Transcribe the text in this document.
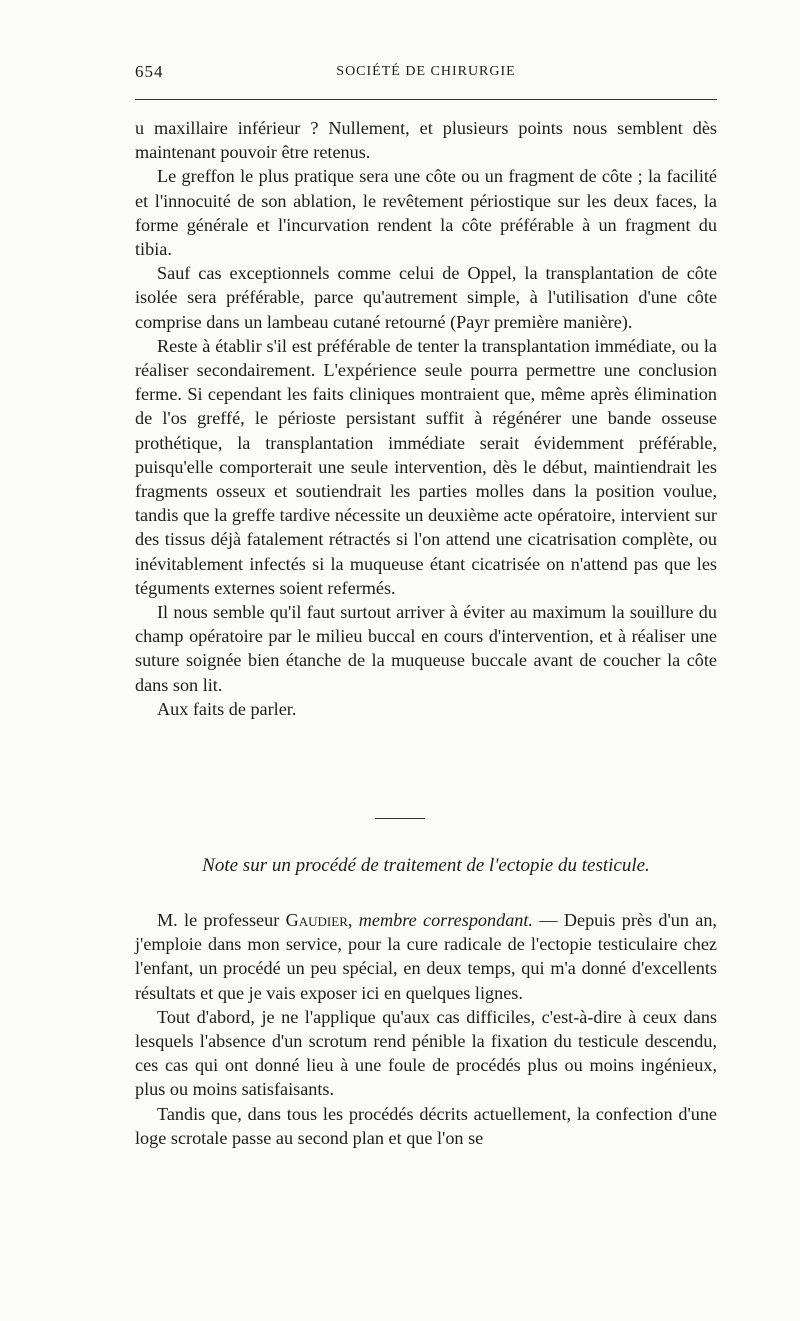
654	SOCIÉTÉ DE CHIRURGIE

u maxillaire inférieur ? Nullement, et plusieurs points nous semblent dès maintenant pouvoir être retenus.

Le greffon le plus pratique sera une côte ou un fragment de côte ; la facilité et l'innocuité de son ablation, le revêtement périostique sur les deux faces, la forme générale et l'incurvation rendent la côte préférable à un fragment du tibia.

Sauf cas exceptionnels comme celui de Oppel, la transplantation de côte isolée sera préférable, parce qu'autrement simple, à l'utilisation d'une côte comprise dans un lambeau cutané retourné (Payr première manière).

Reste à établir s'il est préférable de tenter la transplantation immédiate, ou la réaliser secondairement. L'expérience seule pourra permettre une conclusion ferme. Si cependant les faits cliniques montraient que, même après élimination de l'os greffé, le périoste persistant suffit à régénérer une bande osseuse prothétique, la transplantation immédiate serait évidemment préférable, puisqu'elle comporterait une seule intervention, dès le début, maintiendrait les fragments osseux et soutiendrait les parties molles dans la position voulue, tandis que la greffe tardive nécessite un deuxième acte opératoire, intervient sur des tissus déjà fatalement rétractés si l'on attend une cicatrisation complète, ou inévitablement infectés si la muqueuse étant cicatrisée on n'attend pas que les téguments externes soient refermés.

Il nous semble qu'il faut surtout arriver à éviter au maximum la souillure du champ opératoire par le milieu buccal en cours d'intervention, et à réaliser une suture soignée bien étanche de la muqueuse buccale avant de coucher la côte dans son lit.

Aux faits de parler.

Note sur un procédé de traitement de l'ectopie du testicule.

M. le professeur Gaudier, membre correspondant. — Depuis près d'un an, j'emploie dans mon service, pour la cure radicale de l'ectopie testiculaire chez l'enfant, un procédé un peu spécial, en deux temps, qui m'a donné d'excellents résultats et que je vais exposer ici en quelques lignes.

Tout d'abord, je ne l'applique qu'aux cas difficiles, c'est-à-dire à ceux dans lesquels l'absence d'un scrotum rend pénible la fixation du testicule descendu, ces cas qui ont donné lieu à une foule de procédés plus ou moins ingénieux, plus ou moins satisfaisants.

Tandis que, dans tous les procédés décrits actuellement, la confection d'une loge scrotale passe au second plan et que l'on se
